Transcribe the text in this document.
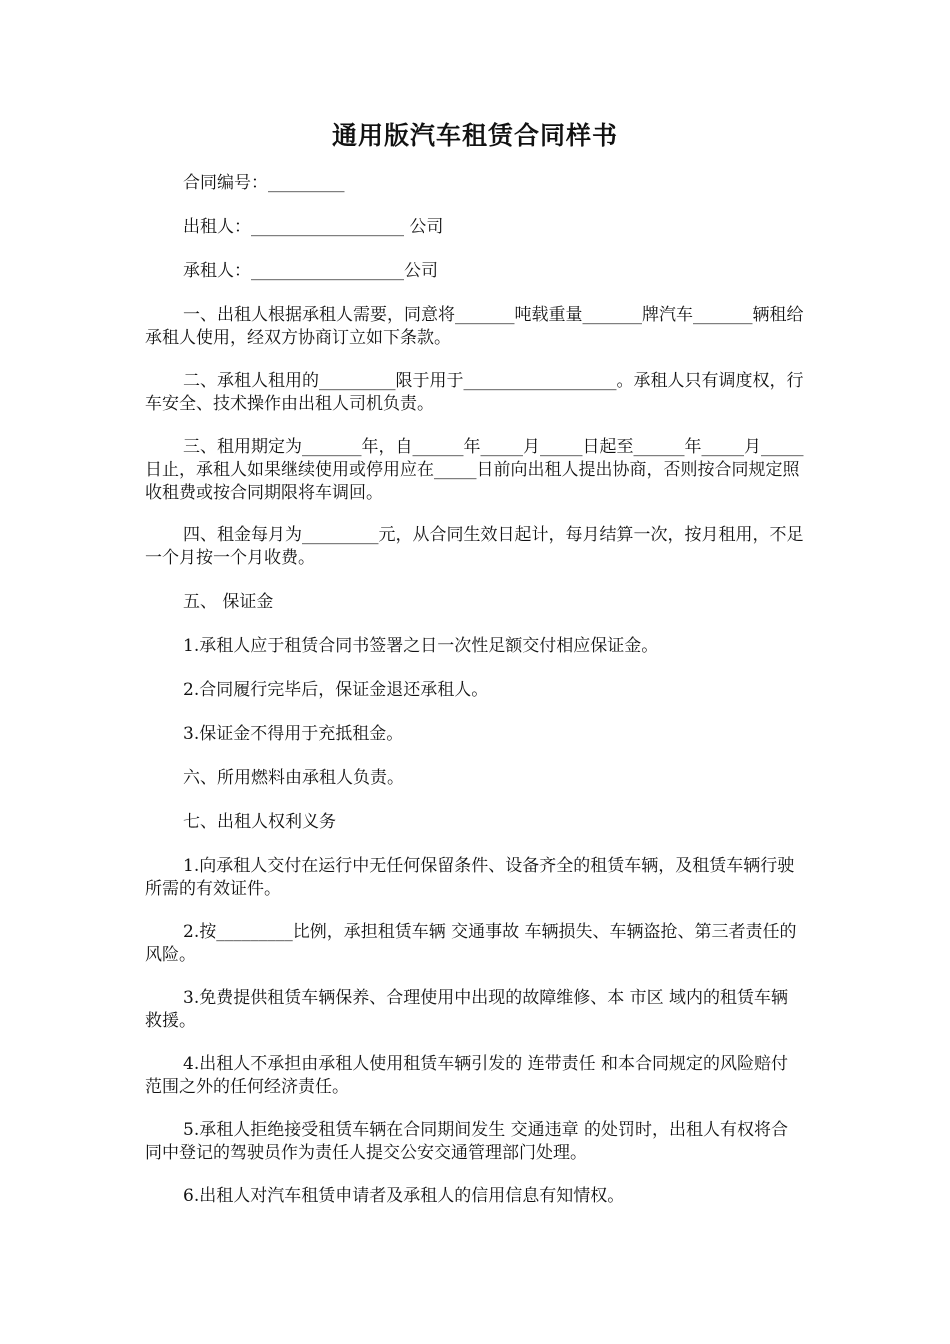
通用版汽车租赁合同样书
合同编号：_________
出租人：__________________ 公司
承租人：__________________公司
一、出租人根据承租人需要，同意将_______吨载重量_______牌汽车_______辆租给承租人使用，经双方协商订立如下条款。
二、承租人租用的_________限于用于__________________。承租人只有调度权，行车安全、技术操作由出租人司机负责。
三、租用期定为_______年，自______年_____月_____日起至______年_____月_____日止，承租人如果继续使用或停用应在_____日前向出租人提出协商，否则按合同规定照收租费或按合同期限将车调回。
四、租金每月为_________元，从合同生效日起计，每月结算一次，按月租用，不足一个月按一个月收费。
五、 保证金
1.承租人应于租赁合同书签署之日一次性足额交付相应保证金。
2.合同履行完毕后，保证金退还承租人。
3.保证金不得用于充抵租金。
六、所用燃料由承租人负责。
七、出租人权利义务
1.向承租人交付在运行中无任何保留条件、设备齐全的租赁车辆，及租赁车辆行驶所需的有效证件。
2.按_________比例，承担租赁车辆 交通事故 车辆损失、车辆盗抢、第三者责任的风险。
3.免费提供租赁车辆保养、合理使用中出现的故障维修、本 市区 域内的租赁车辆救援。
4.出租人不承担由承租人使用租赁车辆引发的 连带责任 和本合同规定的风险赔付范围之外的任何经济责任。
5.承租人拒绝接受租赁车辆在合同期间发生 交通违章 的处罚时，出租人有权将合同中登记的驾驶员作为责任人提交公安交通管理部门处理。
6.出租人对汽车租赁申请者及承租人的信用信息有知情权。
